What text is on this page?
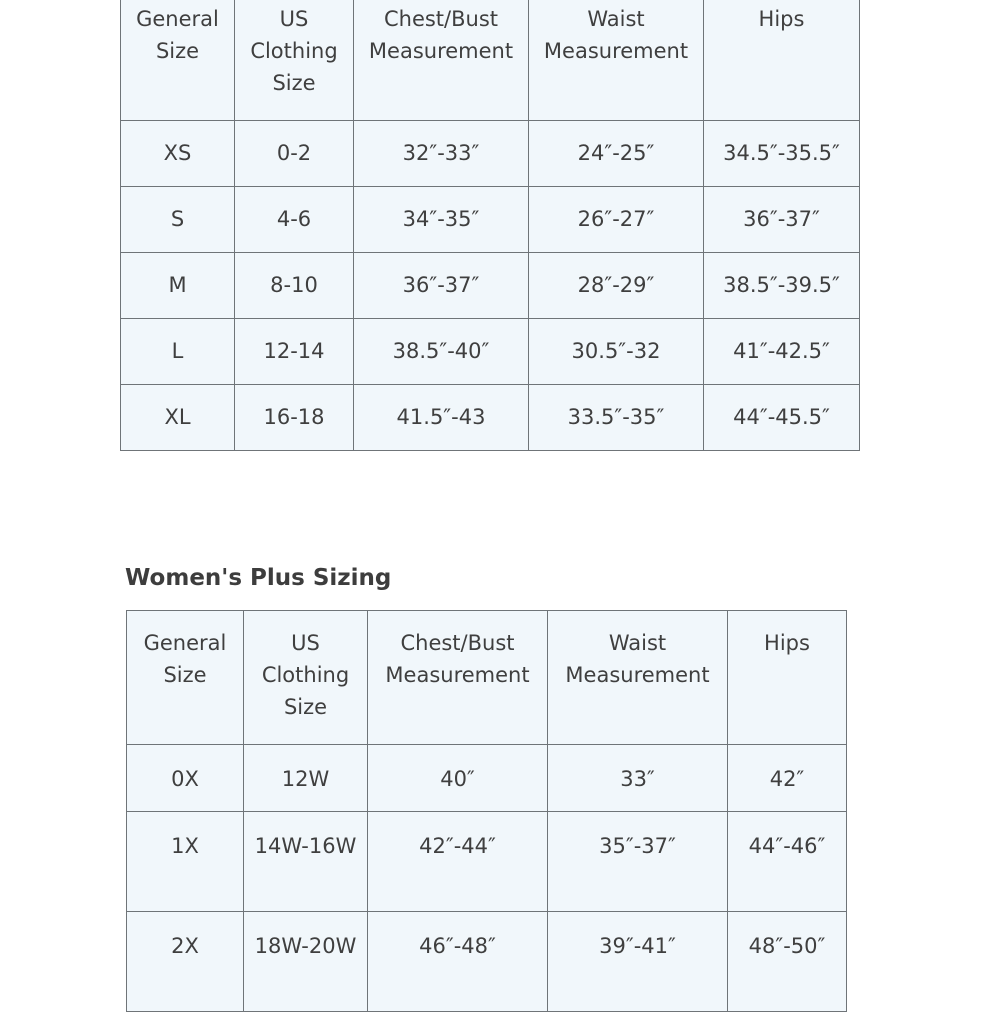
General Size	US Clothing Size	Chest/Bust Measurement	Waist Measurement	Hips
XS	0-2	32″-33″	24″-25″	34.5″-35.5″
S	4-6	34″-35″	26″-27″	36″-37″
M	8-10	36″-37″	28″-29″	38.5″-39.5″
L	12-14	38.5″-40″	30.5″-32	41″-42.5″
XL	16-18	41.5″-43	33.5″-35″	44″-45.5″
Women's Plus Sizing
General Size	US Clothing Size	Chest/Bust Measurement	Waist Measurement	Hips
0X	12W	40″	33″	42″
1X	14W-16W	42″-44″	35″-37″	44″-46″
2X	18W-20W	46″-48″	39″-41″	48″-50″
